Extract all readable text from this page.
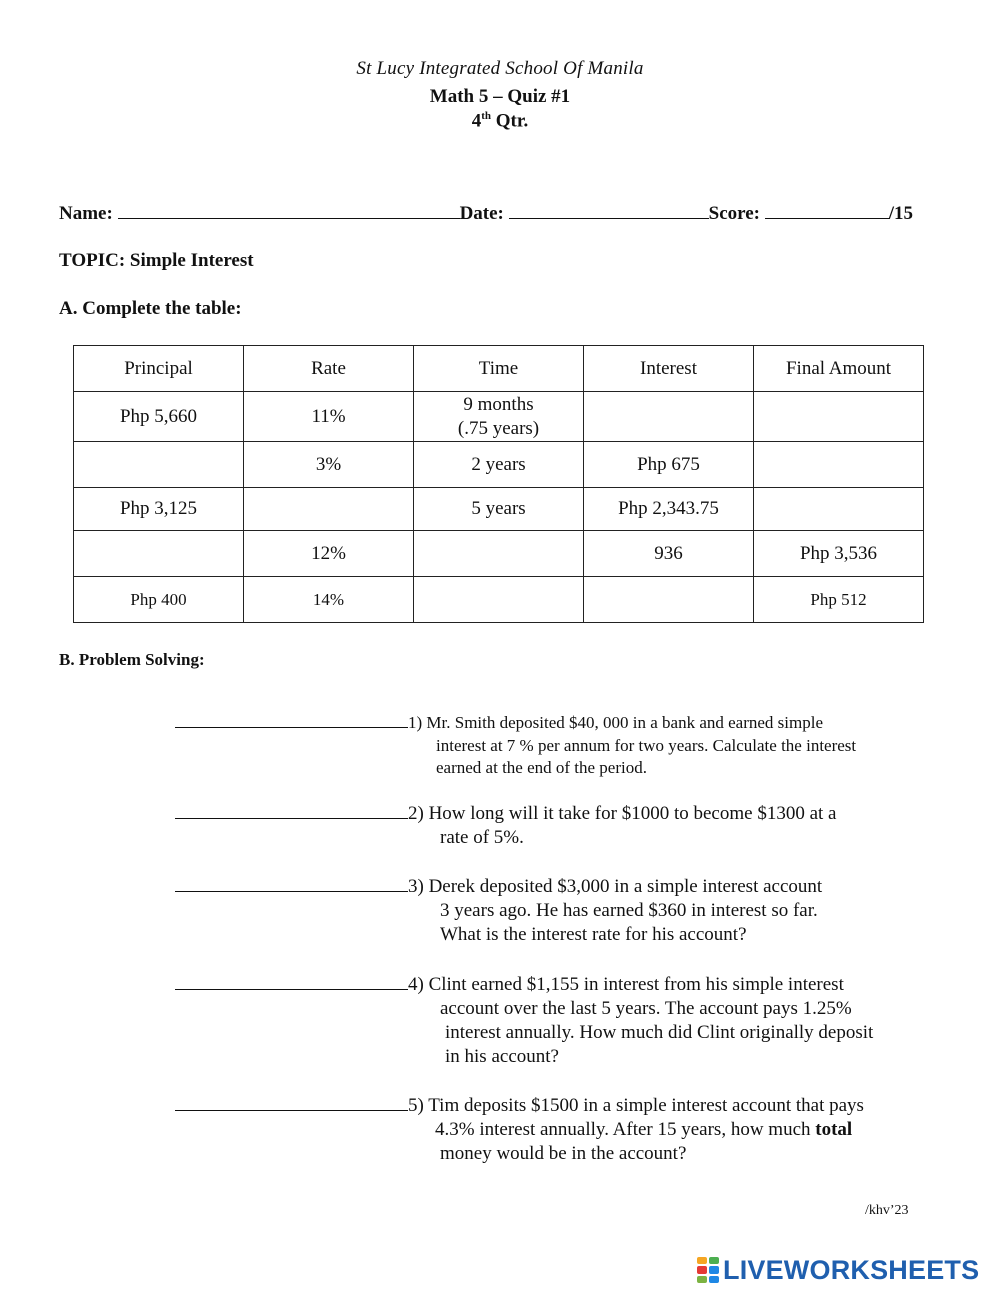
St Lucy Integrated School Of Manila
Math 5 – Quiz #1
4th Qtr.
Name:	Date:	Score:	/15
TOPIC: Simple Interest
A. Complete the table:
Principal	Rate	Time	Interest	Final Amount
Php 5,660	11%	9 months
(.75 years)		
	3%	2 years	Php 675	
Php 3,125		5 years	Php 2,343.75	
	12%		936	Php 3,536
Php 400	14%			Php 512
B. Problem Solving:
1) Mr. Smith deposited $40, 000 in a bank and earned simple
interest at 7 % per annum for two years. Calculate the interest
earned at the end of the period.
2) How long will it take for $1000 to become $1300 at a
rate of 5%.
3) Derek deposited $3,000 in a simple interest account
3 years ago. He has earned $360 in interest so far.
What is the interest rate for his account?
4) Clint earned $1,155 in interest from his simple interest
account over the last 5 years. The account pays 1.25%
interest annually. How much did Clint originally deposit
in his account?
5) Tim deposits $1500 in a simple interest account that pays
4.3% interest annually. After 15 years, how much total
money would be in the account?
/khv’23
LIVEWORKSHEETS
